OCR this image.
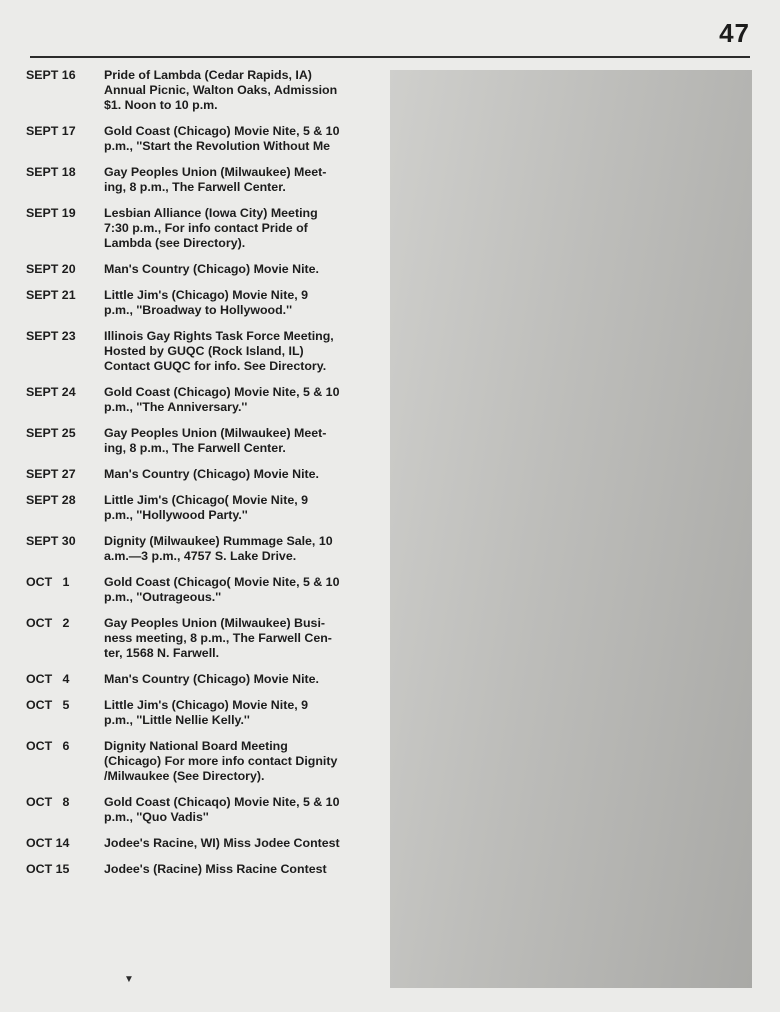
47
SEPT 16	Pride of Lambda (Cedar Rapids, IA)
Annual Picnic, Walton Oaks, Admission
$1. Noon to 10 p.m.
SEPT 17	Gold Coast (Chicago) Movie Nite, 5 & 10
p.m., ''Start the Revolution Without Me
SEPT 18	Gay Peoples Union (Milwaukee) Meet-
ing, 8 p.m., The Farwell Center.
SEPT 19	Lesbian Alliance (Iowa City) Meeting
7:30 p.m., For info contact Pride of
Lambda (see Directory).
SEPT 20	Man's Country (Chicago) Movie Nite.
SEPT 21	Little Jim's (Chicago) Movie Nite, 9
p.m., ''Broadway to Hollywood.''
SEPT 23	Illinois Gay Rights Task Force Meeting,
Hosted by GUQC (Rock Island, IL)
Contact GUQC for info. See Directory.
SEPT 24	Gold Coast (Chicago) Movie Nite, 5 & 10
p.m., ''The Anniversary.''
SEPT 25	Gay Peoples Union (Milwaukee) Meet-
ing, 8 p.m., The Farwell Center.
SEPT 27	Man's Country (Chicago) Movie Nite.
SEPT 28	Little Jim's (Chicago( Movie Nite, 9
p.m., ''Hollywood Party.''
SEPT 30	Dignity (Milwaukee) Rummage Sale, 10
a.m.—3 p.m., 4757 S. Lake Drive.
OCT   1	Gold Coast (Chicago( Movie Nite, 5 & 10
p.m., ''Outrageous.''
OCT   2	Gay Peoples Union (Milwaukee) Busi-
ness meeting, 8 p.m., The Farwell Cen-
ter, 1568 N. Farwell.
OCT   4	Man's Country (Chicago) Movie Nite.
OCT   5	Little Jim's (Chicago) Movie Nite, 9
p.m., ''Little Nellie Kelly.''
OCT   6	Dignity National Board Meeting
(Chicago) For more info contact Dignity
/Milwaukee (See Directory).
OCT   8	Gold Coast (Chicaqo) Movie Nite, 5 & 10
p.m., ''Quo Vadis''
OCT 14	Jodee's Racine, WI) Miss Jodee Contest
OCT 15	Jodee's (Racine) Miss Racine Contest
▼
